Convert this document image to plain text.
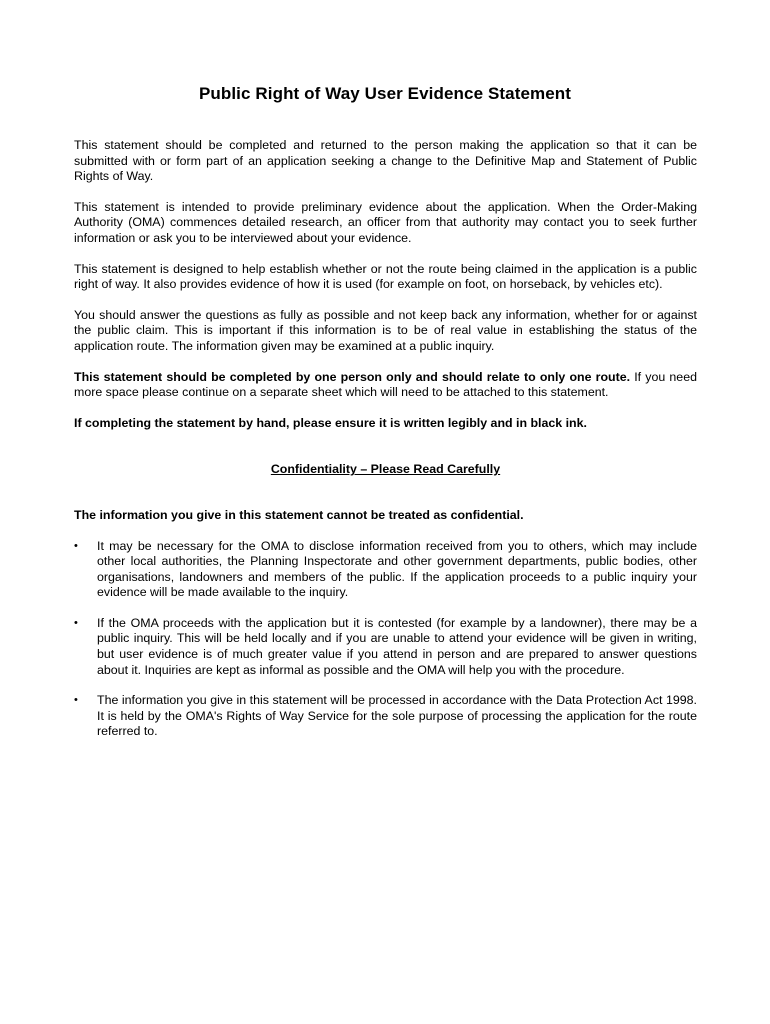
Public Right of Way User Evidence Statement

This statement should be completed and returned to the person making the application so that it can be submitted with or form part of an application seeking a change to the Definitive Map and Statement of Public Rights of Way.

This statement is intended to provide preliminary evidence about the application. When the Order-Making Authority (OMA) commences detailed research, an officer from that authority may contact you to seek further information or ask you to be interviewed about your evidence.

This statement is designed to help establish whether or not the route being claimed in the application is a public right of way. It also provides evidence of how it is used (for example on foot, on horseback, by vehicles etc).

You should answer the questions as fully as possible and not keep back any information, whether for or against the public claim. This is important if this information is to be of real value in establishing the status of the application route. The information given may be examined at a public inquiry.

This statement should be completed by one person only and should relate to only one route. If you need more space please continue on a separate sheet which will need to be attached to this statement.

If completing the statement by hand, please ensure it is written legibly and in black ink.

Confidentiality – Please Read Carefully

The information you give in this statement cannot be treated as confidential.

• It may be necessary for the OMA to disclose information received from you to others, which may include other local authorities, the Planning Inspectorate and other government departments, public bodies, other organisations, landowners and members of the public. If the application proceeds to a public inquiry your evidence will be made available to the inquiry.
• If the OMA proceeds with the application but it is contested (for example by a landowner), there may be a public inquiry. This will be held locally and if you are unable to attend your evidence will be given in writing, but user evidence is of much greater value if you attend in person and are prepared to answer questions about it. Inquiries are kept as informal as possible and the OMA will help you with the procedure.
• The information you give in this statement will be processed in accordance with the Data Protection Act 1998. It is held by the OMA's Rights of Way Service for the sole purpose of processing the application for the route referred to.
